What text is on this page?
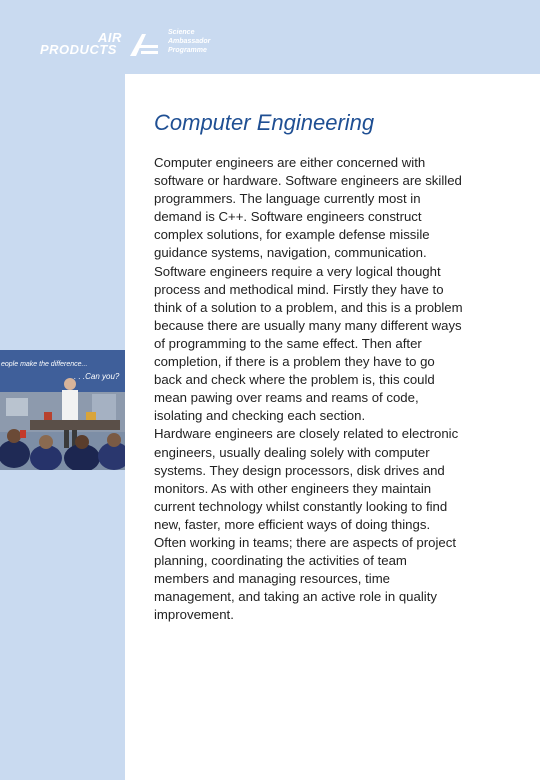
AIR
PRODUCTS
Science
Ambassador
Programme
eople make the difference...
. . .Can you?
Computer Engineering
Computer engineers are either concerned with
software or hardware. Software engineers are skilled
programmers. The language currently most in
demand is C++. Software engineers construct
complex solutions, for example defense missile
guidance systems, navigation, communication.
Software engineers require a very logical thought
process and methodical mind. Firstly they have to
think of a solution to a problem, and this is a problem
because there are usually many many different ways
of programming to the same effect. Then after
completion, if there is a problem they have to go
back and check where the problem is, this could
mean pawing over reams and reams of code,
isolating and checking each section.
Hardware engineers are closely related to electronic
engineers, usually dealing solely with computer
systems. They design processors, disk drives and
monitors. As with other engineers they maintain
current technology whilst constantly looking to find
new, faster, more efficient ways of doing things.
Often working in teams; there are aspects of project
planning, coordinating the activities of team
members and managing resources, time
management, and taking an active role in quality
improvement.
